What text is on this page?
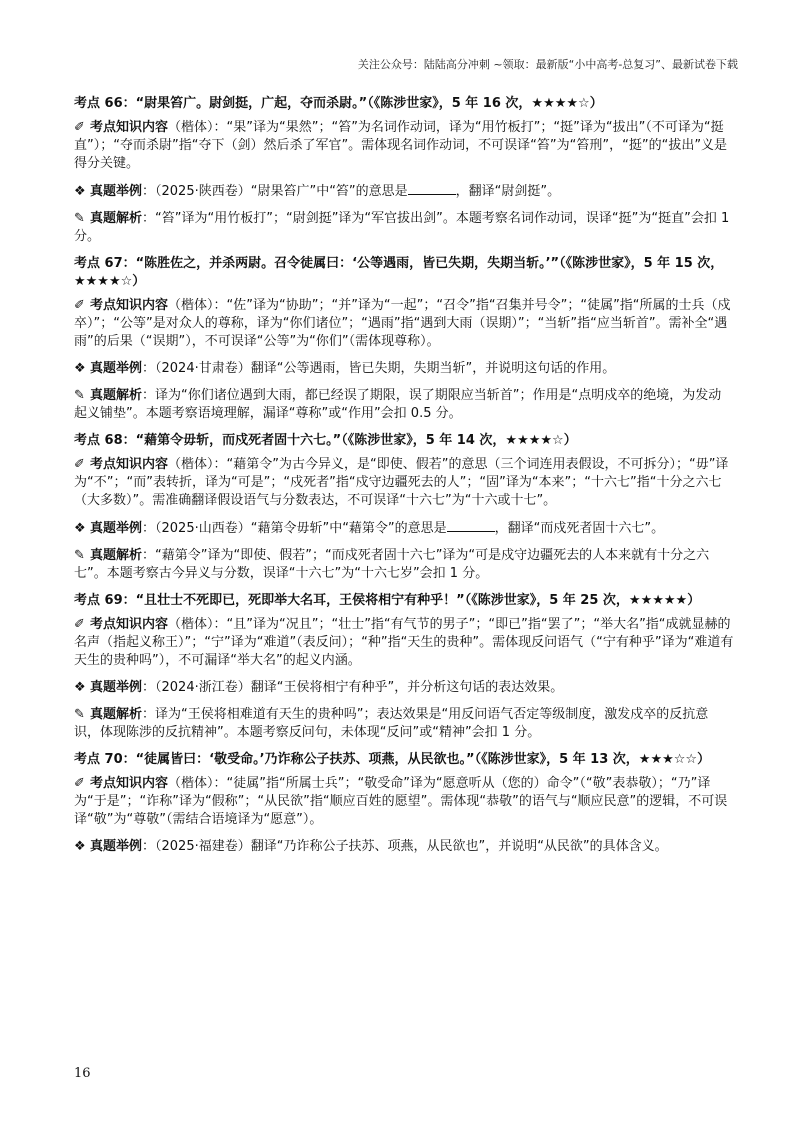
关注公众号：陆陆高分冲刺 ~领取：最新版“小中高考-总复习”、最新试卷下载
考点 66：“尉果笞广。尉剑挺，广起，夺而杀尉。”（《陈涉世家》，5 年 16 次，★★★★☆）
✐ 考点知识内容（楷体）：“果”译为“果然”；“笞”为名词作动词，译为“用竹板打”；“挺”译为“拔出”（不可译为“挺直”）；“夺而杀尉”指“夺下（剑）然后杀了军官”。需体现名词作动词，不可误译“笞”为“笞刑”，“挺”的“拔出”义是得分关键。
❖ 真题举例：（2025·陕西卷）“尉果笞广”中“笞”的意思是	，翻译“尉剑挺”。
✎ 真题解析：“笞”译为“用竹板打”；“尉剑挺”译为“军官拔出剑”。本题考察名词作动词，误译“挺”为“挺直”会扣 1 分。
考点 67：“陈胜佐之，并杀两尉。召令徒属曰：‘公等遇雨，皆已失期，失期当斩。’”（《陈涉世家》，5 年 15 次，★★★★☆）
✐ 考点知识内容（楷体）：“佐”译为“协助”；“并”译为“一起”；“召令”指“召集并号令”；“徒属”指“所属的士兵（戍卒）”；“公等”是对众人的尊称，译为“你们诸位”；“遇雨”指“遇到大雨（误期）”；“当斩”指“应当斩首”。需补全“遇雨”的后果（“误期”），不可误译“公等”为“你们”（需体现尊称）。
❖ 真题举例：（2024·甘肃卷）翻译“公等遇雨，皆已失期，失期当斩”，并说明这句话的作用。
✎ 真题解析：译为“你们诸位遇到大雨，都已经误了期限，误了期限应当斩首”；作用是“点明戍卒的绝境，为发动起义铺垫”。本题考察语境理解，漏译“尊称”或“作用”会扣 0.5 分。
考点 68：“藉第令毋斩，而戍死者固十六七。”（《陈涉世家》，5 年 14 次，★★★★☆）
✐ 考点知识内容（楷体）：“藉第令”为古今异义，是“即使、假若”的意思（三个词连用表假设，不可拆分）；“毋”译为“不”；“而”表转折，译为“可是”；“戍死者”指“戍守边疆死去的人”；“固”译为“本来”；“十六七”指“十分之六七（大多数）”。需准确翻译假设语气与分数表达，不可误译“十六七”为“十六或十七”。
❖ 真题举例：（2025·山西卷）“藉第令毋斩”中“藉第令”的意思是	，翻译“而戍死者固十六七”。
✎ 真题解析：“藉第令”译为“即使、假若”；“而戍死者固十六七”译为“可是戍守边疆死去的人本来就有十分之六七”。本题考察古今异义与分数，误译“十六七”为“十六七岁”会扣 1 分。
考点 69：“且壮士不死即已，死即举大名耳，王侯将相宁有种乎！”（《陈涉世家》，5 年 25 次，★★★★★）
✐ 考点知识内容（楷体）：“且”译为“况且”；“壮士”指“有气节的男子”；“即已”指“罢了”；“举大名”指“成就显赫的名声（指起义称王）”；“宁”译为“难道”（表反问）；“种”指“天生的贵种”。需体现反问语气（“宁有种乎”译为“难道有天生的贵种吗”），不可漏译“举大名”的起义内涵。
❖ 真题举例：（2024·浙江卷）翻译“王侯将相宁有种乎”，并分析这句话的表达效果。
✎ 真题解析：译为“王侯将相难道有天生的贵种吗”；表达效果是“用反问语气否定等级制度，激发戍卒的反抗意识，体现陈涉的反抗精神”。本题考察反问句，未体现“反问”或“精神”会扣 1 分。
考点 70：“徒属皆曰：‘敬受命。’乃诈称公子扶苏、项燕，从民欲也。”（《陈涉世家》，5 年 13 次，★★★☆☆）
✐ 考点知识内容（楷体）：“徒属”指“所属士兵”；“敬受命”译为“愿意听从（您的）命令”（“敬”表恭敬）；“乃”译为“于是”；“诈称”译为“假称”；“从民欲”指“顺应百姓的愿望”。需体现“恭敬”的语气与“顺应民意”的逻辑，不可误译“敬”为“尊敬”（需结合语境译为“愿意”）。
❖ 真题举例：（2025·福建卷）翻译“乃诈称公子扶苏、项燕，从民欲也”，并说明“从民欲”的具体含义。
16
